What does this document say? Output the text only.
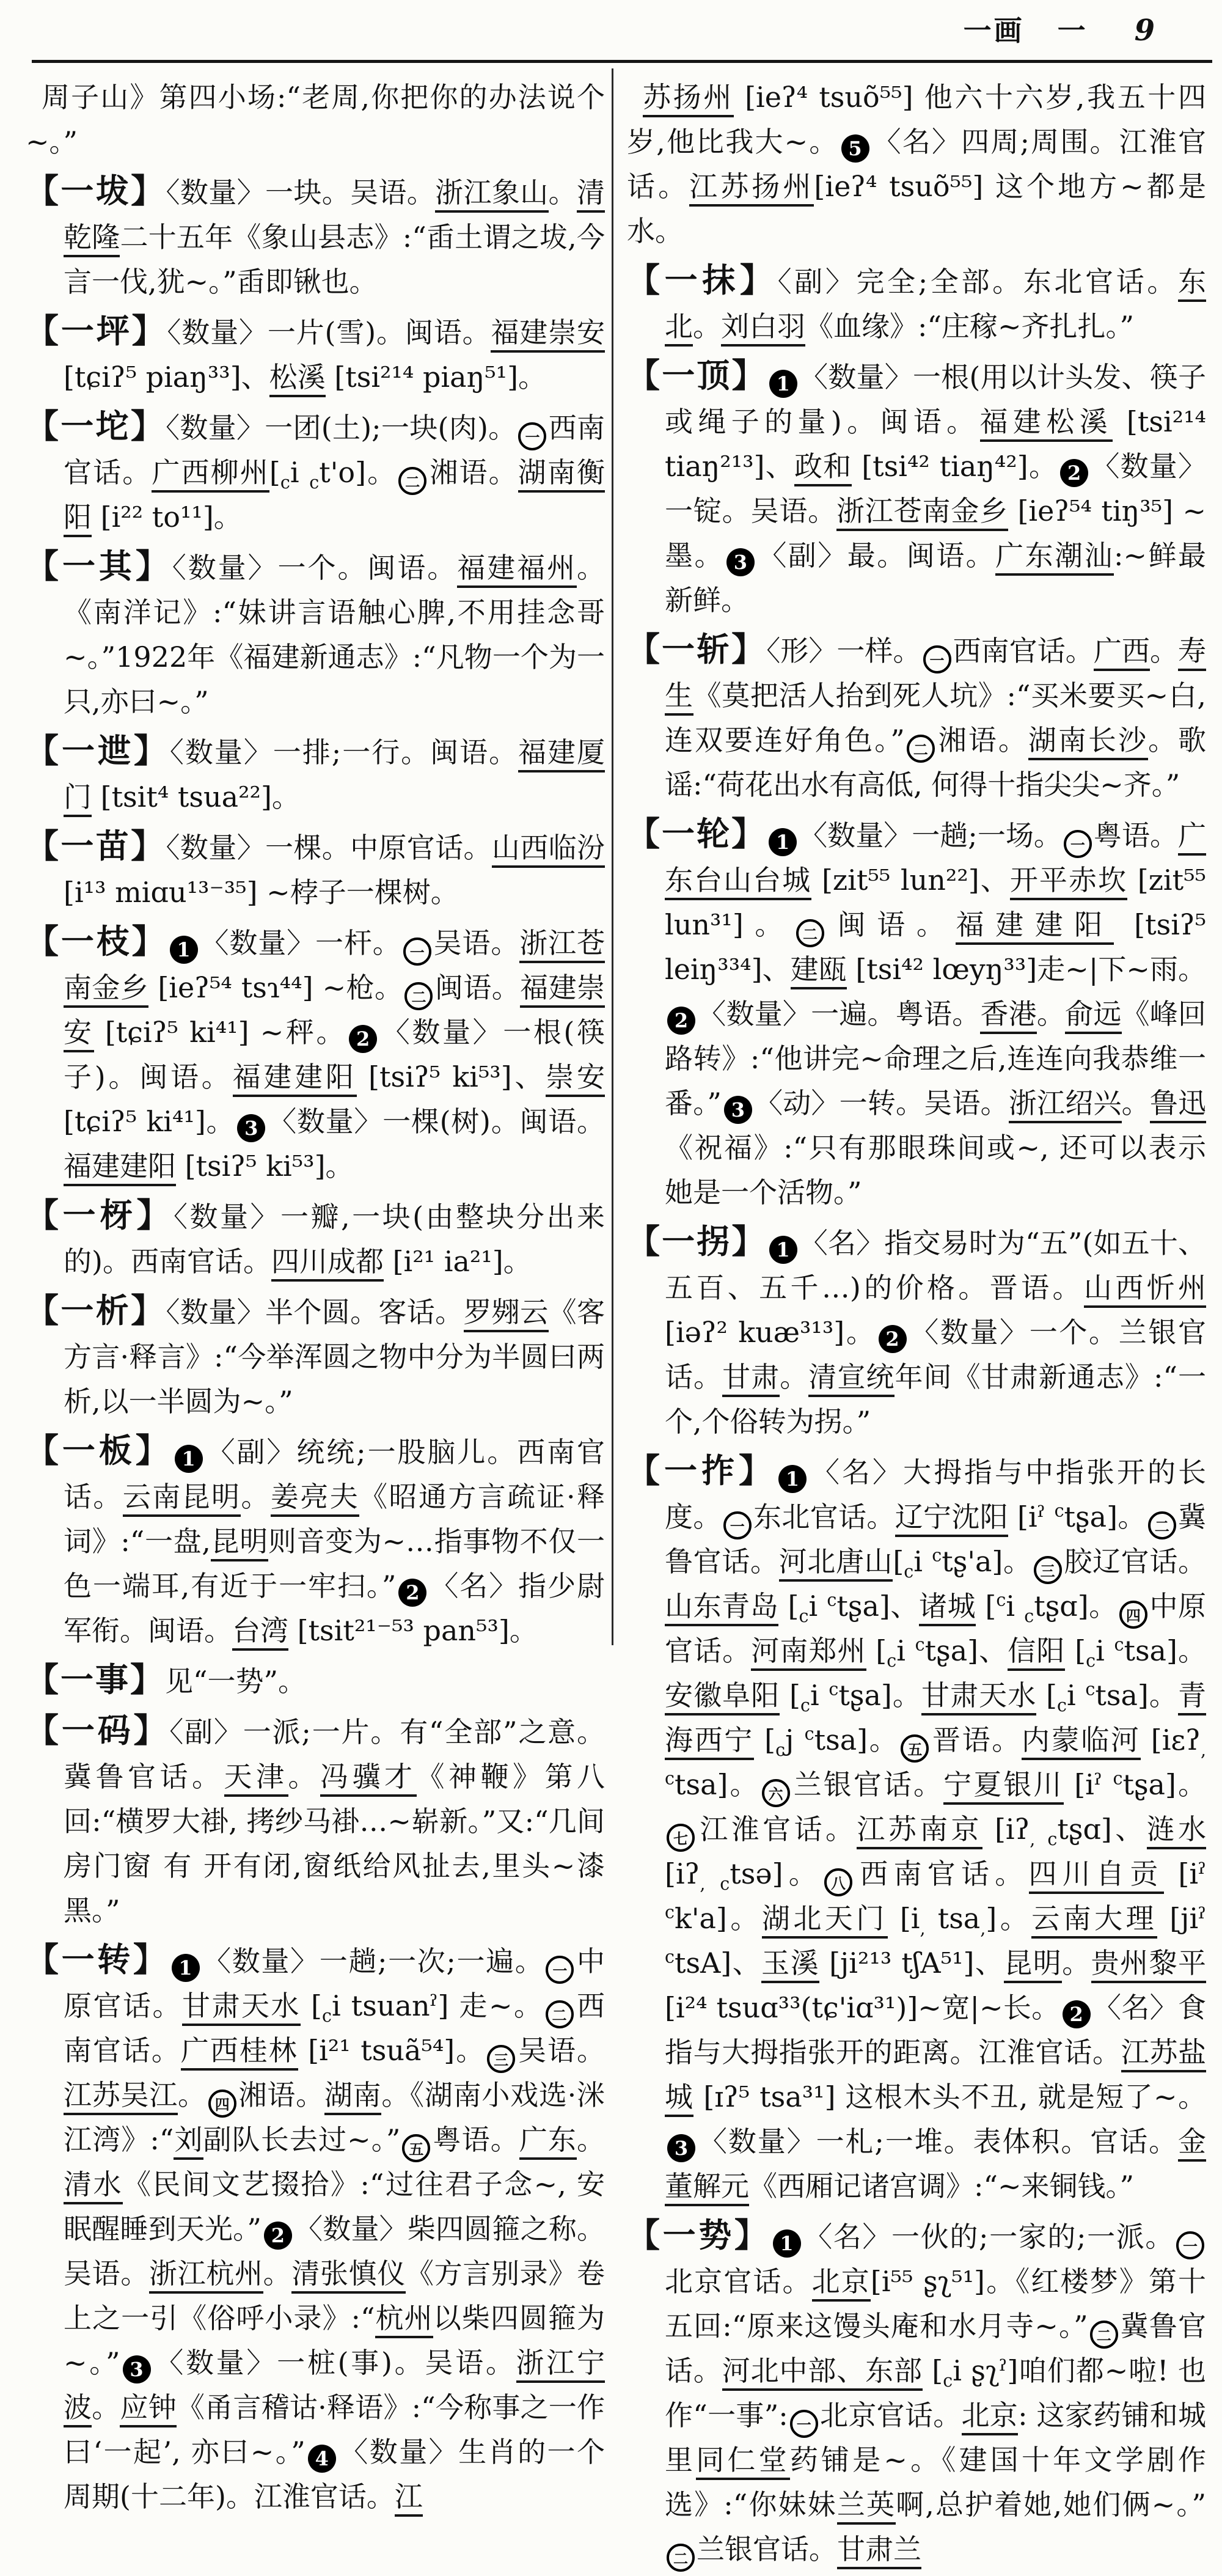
一画 一 9

周子山》第四小场:“老周,你把你的办法说个~。”

【一坺】〈数量〉一块。吴语。浙江象山。清乾隆二十五年《象山县志》:“臿土谓之坺,今言一伐,犹~。”臿即锹也。

【一坪】〈数量〉一片(雪)。闽语。福建崇安 [tɕiʔ⁵ piaŋ³³]、松溪 [tsi²¹⁴ piaŋ⁵¹]。

【一坨】〈数量〉一团(土);一块(肉)。 一 西南官话。广西柳州[$_ci$ $_c$t'o]。 二 湘语。湖南衡阳 [i²² to¹¹]。

【一其】〈数量〉一个。闽语。福建福州。《南洋记》:“妹讲言语触心脾,不用挂念哥~。”1922年《福建新通志》:“凡物一个为一只,亦曰~。”

【一迣】〈数量〉一排;一行。闽语。福建厦门 [tsit⁴ tsua²²]。

【一苗】〈数量〉一棵。中原官话。山西临汾 [i¹³ miɑu¹³⁻³⁵] ~桲子一棵树。

【一枝】 1 〈数量〉一杆。 一 吴语。浙江苍南金乡 [ieʔ⁵⁴ tsɿ⁴⁴] ~枪。 二 闽语。福建崇安 [tɕiʔ⁵ ki⁴¹] ~秤。 2 〈数量〉一根(筷子)。闽语。福建建阳 [tsiʔ⁵ ki⁵³]、崇安 [tɕiʔ⁵ ki⁴¹]。 3 〈数量〉一棵(树)。闽语。福建建阳 [tsiʔ⁵ ki⁵³]。

【一枒】〈数量〉一瓣,一块(由整块分出来的)。西南官话。四川成都 [i²¹ ia²¹]。

【一析】〈数量〉半个圆。客话。罗翙云《客方言·释言》:“今举浑圆之物中分为半圆曰两析,以一半圆为~。”

【一板】 1 〈副〉统统;一股脑儿。西南官话。云南昆明。姜亮夫《昭通方言疏证·释词》:“一盘,昆明则音变为~…指事物不仅一色一端耳,有近于一牢扫。” 2 〈名〉指少尉军衔。闽语。台湾 [tsit²¹⁻⁵³ pan⁵³]。

【一事】见“一势”。

【一码】〈副〉一派;一片。有“全部”之意。冀鲁官话。天津。冯骥才《神鞭》第八回:“横罗大褂, 拷纱马褂…~崭新。”又:“几间房门窗 有 开有闭,窗纸给风扯去,里头~漆黑。”

【一转】 1 〈数量〉一趟;一次;一遍。 一 中原官话。甘肃天水 [$_ci$ tsuanˀ] 走~。 二 西南官话。广西桂林 [i²¹ tsuã⁵⁴]。 三 吴语。江苏吴江。 四 湘语。湖南。《湖南小戏选·洣江湾》:“刘副队长去过~。” 五 粤语。广东。清水《民间文艺掇拾》:“过往君子念~, 安眠醒睡到天光。” 2 〈数量〉柴四圆箍之称。吴语。浙江杭州。清张慎仪《方言别录》卷上之一引《俗呼小录》:“杭州以柴四圆箍为~。” 3 〈数量〉一桩(事)。吴语。浙江宁波。应钟《甬言稽诂·释语》:“今称事之一作曰‘一起’, 亦曰~。” 4 〈数量〉生肖的一个周期(十二年)。江淮官话。江

苏扬州 [ieʔ⁴ tsuõ⁵⁵] 他六十六岁,我五十四岁,他比我大~。 5 〈名〉四周;周围。江淮官话。江苏扬州[ieʔ⁴ tsuõ⁵⁵] 这个地方~都是水。

【一抹】〈副〉完全;全部。东北官话。东北。刘白羽《血缘》:“庄稼~齐扎扎。”

【一顶】 1 〈数量〉一根(用以计头发、筷子或绳子的量)。闽语。福建松溪 [tsi²¹⁴ tiaŋ²¹³]、政和 [tsi⁴² tiaŋ⁴²]。 2 〈数量〉一锭。吴语。浙江苍南金乡 [ieʔ⁵⁴ tiŋ³⁵] ~墨。 3 〈副〉最。闽语。广东潮汕:~鲜最新鲜。

【一斩】〈形〉一样。 一 西南官话。广西。寿生《莫把活人抬到死人坑》:“买米要买~白,连双要连好角色。” 二 湘语。湖南长沙。歌谣:“荷花出水有高低, 何得十指尖尖~齐。”

【一轮】 1 〈数量〉一趟;一场。 一 粤语。广东台山台城 [zit⁵⁵ lun²²]、开平赤坎 [zit⁵⁵ lun³¹]。 二 闽语。福建建阳 [tsiʔ⁵ leiŋ³³⁴]、建瓯 [tsi⁴² lœyŋ³³]走~|下~雨。2 〈数量〉一遍。粤语。香港。俞远《峰回路转》:“他讲完~命理之后,连连向我恭维一番。” 3 〈动〉一转。吴语。浙江绍兴。鲁迅《祝福》:“只有那眼珠间或~, 还可以表示她是一个活物。”

【一拐】 1 〈名〉指交易时为“五”(如五十、五百、五千…)的价格。晋语。山西忻州 [iəʔ² kuæ³¹³]。 2 〈数量〉一个。兰银官话。甘肃。清宣统年间《甘肃新通志》:“一个,个俗转为拐。”

【一拃】 1 〈名〉大拇指与中指张开的长度。 一 东北官话。辽宁沈阳 [iˀ $^c$tʂa]。 二 冀鲁官话。河北唐山[$_ci$ $^c$tʂ'a]。 三 胶辽官话。山东青岛 [$_ci$ $^c$tʂa]、诸城 [$^c$i $_c$tʂɑ]。 四 中原官话。河南郑州 [$_ci$ $^c$tʂa]、信阳 [$_ci$ $^c$tsa]。安徽阜阳 [$_ci$ $^c$tʂa]。甘肃天水 [$_ci$ $^c$tsa]。青海西宁 [$_cj$ $^c$tsa]。 五 晋语。内蒙临河 [iɛʔ$_,$ $^c$tsa]。 六 兰银官话。宁夏银川 [iˀ $^c$tʂa]。七 江淮官话。江苏南京 [iʔ$_,$ $_c$tʂɑ]、涟水 [iʔ$_,$ $_c$tsə]。 八 西南官话。四川自贡 [iˀ $^c$k'a]。湖北天门 [$i_,$ tsa$_,$]。云南大理 [jiˀ $^c$tsA]、玉溪 [ji²¹³ tʃA⁵¹]、昆明。贵州黎平 [i²⁴ tsuɑ³³(tɕ'iɑ³¹)]~宽|~长。 2 〈名〉食指与大拇指张开的距离。江淮官话。江苏盐城 [ɪʔ⁵ tsa³¹] 这根木头不丑, 就是短了~。3 〈数量〉一札;一堆。表体积。官话。金董解元《西厢记诸宫调》:“~来铜钱。”

【一势】 1 〈名〉一伙的;一家的;一派。 一北京官话。北京[i⁵⁵ ʂʅ⁵¹]。《红楼梦》第十五回:“原来这馒头庵和水月寺~。” 二 冀鲁官话。河北中部、东部 [$_ci$ ʂʅˀ]咱们都~啦! 也作“一事”: 一 北京官话。北京: 这家药铺和城里同仁堂药铺是~。《建国十年文学剧作选》:“你妹妹兰英啊,总护着她,她们俩~。”二 兰银官话。甘肃兰
